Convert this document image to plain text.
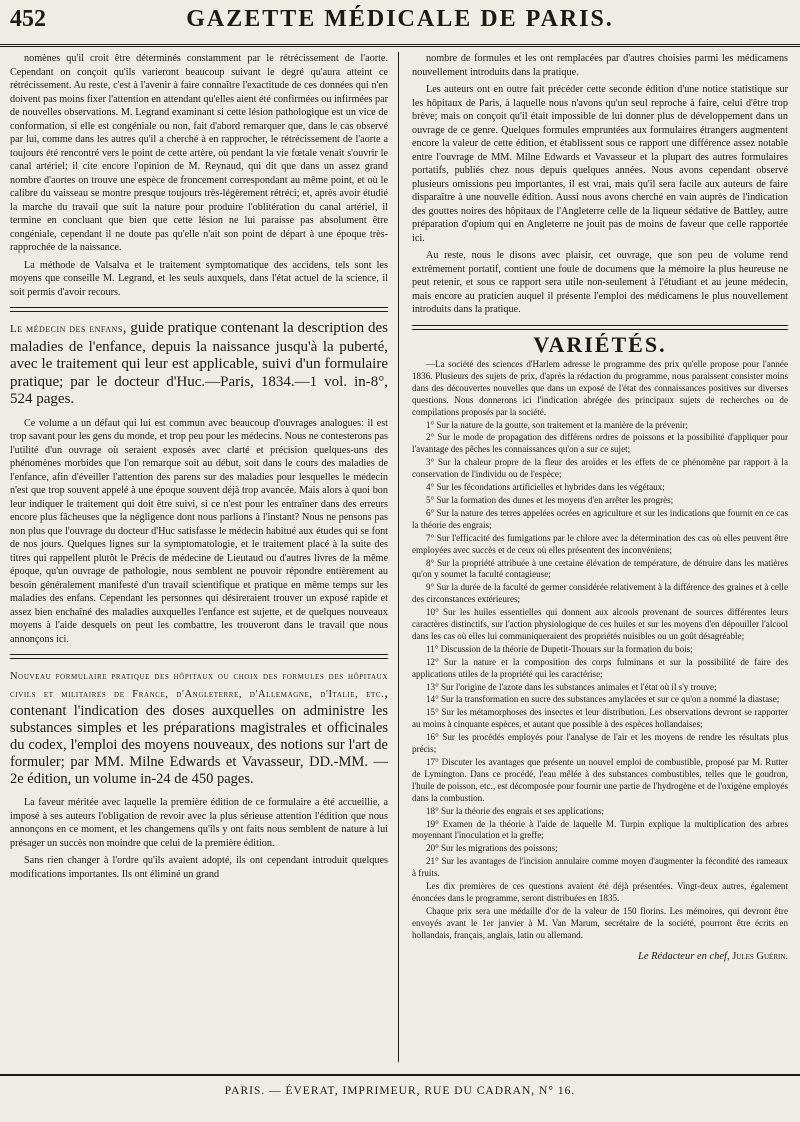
452	GAZETTE MÉDICALE DE PARIS.

nomènes qu'il croit être déterminés constamment par le rétrécissement de l'aorte. Cependant on conçoit qu'ils varieront beaucoup suivant le degré qu'aura atteint ce rétrécissement. Au reste, c'est à l'avenir à faire connaître l'exactitude de ces données qui n'en doivent pas moins fixer l'attention en attendant qu'elles aient été confirmées ou infirmées par de nouvelles observations. M. Legrand examinant si cette lésion pathologique est un vice de conformation, si elle est congéniale ou non, fait d'abord remarquer que, dans le cas observé par lui, comme dans les autres qu'il a cherché à en rapprocher, le rétrécissement de l'aorte a toujours été rencontré vers le point de cette artère, où pendant la vie fœtale venait s'ouvrir le canal artériel; il cite encore l'opinion de M. Reynaud, qui dit que dans un assez grand nombre d'aortes on trouve une espèce de froncement correspondant au même point, et où le calibre du vaisseau se montre presque toujours très-légèrement rétréci; et, après avoir étudié la marche du travail que suit la nature pour produire l'oblitération du canal artériel, il termine en concluant que bien que cette lésion ne lui paraisse pas absolument être congéniale, cependant il ne doute pas qu'elle n'ait son point de départ à une époque très-rapprochée de la naissance.

La méthode de Valsalva et le traitement symptomatique des accidens, tels sont les moyens que conseille M. Legrand, et les seuls auxquels, dans l'état actuel de la science, il soit permis d'avoir recours.

Le médecin des enfans, guide pratique contenant la description des maladies de l'enfance, depuis la naissance jusqu'à la puberté, avec le traitement qui leur est applicable, suivi d'un formulaire pratique; par le docteur d'Huc.—Paris, 1834.—1 vol. in-8°, 524 pages.

Ce volume a un défaut qui lui est commun avec beaucoup d'ouvrages analogues: il est trop savant pour les gens du monde, et trop peu pour les médecins. Nous ne contesterons pas l'utilité d'un ouvrage où seraient exposés avec clarté et précision quelques-uns des phénomènes morbides que l'on remarque soit au début, soit dans le cours des maladies de l'enfance, afin d'éveiller l'attention des parens sur des maladies pour lesquelles le médecin n'est que trop souvent appelé à une époque souvent déjà trop avancée. Mais alors à quoi bon leur indiquer le traitement qui doit être suivi, si ce n'est pour les entraîner dans des erreurs encore plus fâcheuses que la négligence dont nous parlions à l'instant? Nous ne pensons pas non plus que l'ouvrage du docteur d'Huc satisfasse le médecin habitué aux études qui se font de nos jours. Quelques lignes sur la symptomatologie, et le traitement placé à la suite des titres qui rappellent plutôt le Précis de médecine de Lieutaud ou d'autres livres de la même époque, qu'un ouvrage de pathologie, nous semblent ne pouvoir répondre entièrement au besoin généralement manifesté d'un travail scientifique et pratique en même temps sur les maladies des enfans. Cependant les personnes qui désireraient trouver un exposé rapide et assez bien enchaîné des maladies auxquelles l'enfance est sujette, et de quelques nouveaux moyens à l'aide desquels on peut les combattre, les trouveront dans le travail que nous annonçons ici.

Nouveau formulaire pratique des hôpitaux ou choix des formules des hôpitaux civils et militaires de France, d'Angleterre, d'Allemagne, d'Italie, etc., contenant l'indication des doses auxquelles on administre les substances simples et les préparations magistrales et officinales du codex, l'emploi des moyens nouveaux, des notions sur l'art de formuler; par MM. Milne Edwards et Vavasseur, DD.-MM. — 2e édition, un volume in-24 de 450 pages.

La faveur méritée avec laquelle la première édition de ce formulaire a été accueillie, a imposé à ses auteurs l'obligation de revoir avec la plus sérieuse attention l'édition que nous annonçons en ce moment, et les changemens qu'ils y ont faits nous semblent de nature à lui présager un succès non moindre que celui de la première édition.

Sans rien changer à l'ordre qu'ils avaient adopté, ils ont cependant introduit quelques modifications importantes. Ils ont éliminé un grand

nombre de formules et les ont remplacées par d'autres choisies parmi les médicamens nouvellement introduits dans la pratique.

Les auteurs ont en outre fait précéder cette seconde édition d'une notice statistique sur les hôpitaux de Paris, à laquelle nous n'avons qu'un seul reproche à faire, celui d'être trop brève; mais on conçoit qu'il était impossible de lui donner plus de développement dans un ouvrage de ce genre. Quelques formules empruntées aux formulaires étrangers augmentent encore la valeur de cette édition, et établissent sous ce rapport une différence assez notable entre l'ouvrage de MM. Milne Edwards et Vavasseur et la plupart des autres formulaires portatifs, publiés chez nous depuis quelques années. Nous avons cependant observé plusieurs omissions peu importantes, il est vrai, mais qu'il sera facile aux auteurs de faire disparaître à une nouvelle édition. Aussi nous avons cherché en vain auprès de l'indication des gouttes noires des hôpitaux de l'Angleterre celle de la liqueur sédative de Battley, autre préparation d'opium qui en Angleterre ne jouit pas de moins de faveur que celle rapportée ici.

Au reste, nous le disons avec plaisir, cet ouvrage, que son peu de volume rend extrêmement portatif, contient une foule de documens que la mémoire la plus heureuse ne peut retenir, et sous ce rapport sera utile non-seulement à l'étudiant et au jeune médecin, mais encore au praticien auquel il présente l'emploi des médicamens le plus nouvellement introduits dans la pratique.

VARIÉTÉS.

—La société des sciences d'Harlem adresse le programme des prix qu'elle propose pour l'année 1836. Plusieurs des sujets de prix, d'après la rédaction du programme, nous paraissent consister moins dans des découvertes nouvelles que dans un exposé de l'état des connaissances positives sur diverses questions. Nous donnerons ici l'indication abrégée des principaux sujets de recherches ou de compilations proposés par la société.

1° Sur la nature de la goutte, son traitement et la manière de la prévenir;

2° Sur le mode de propagation des différens ordres de poissons et la possibilité d'appliquer pour l'avantage des pêches les connaissances qu'on a sur ce sujet;

3° Sur la chaleur propre de la fleur des aroïdes et les effets de ce phénomène par rapport à la conservation de l'individu ou de l'espèce;

4° Sur les fécondations artificielles et hybrides dans les végétaux;

5° Sur la formation des dunes et les moyens d'en arrêter les progrès;

6° Sur la nature des terres appelées ocrées en agriculture et sur les indications que fournit en ce cas la théorie des engrais;

7° Sur l'efficacité des fumigations par le chlore avec la détermination des cas où elles peuvent être employées avec succès et de ceux où elles présentent des inconvéniens;

8° Sur la propriété attribuée à une certaine élévation de température, de détruire dans les matières qu'on y soumet la faculté contagieuse;

9° Sur la durée de la faculté de germer considérée relativement à la différence des graines et à celle des circonstances extérieures;

10° Sur les huiles essentielles qui donnent aux alcools provenant de sources différentes leurs caractères distinctifs, sur l'action physiologique de ces huiles et sur les moyens d'en dépouiller l'alcool dans les cas où elles lui communiqueraient des propriétés nuisibles ou un goût désagréable;

11° Discussion de la théorie de Dupetit-Thouars sur la formation du bois;

12° Sur la nature et la composition des corps fulminans et sur la possibilité de faire des applications utiles de la propriété qui les caractérise;

13° Sur l'origine de l'azote dans les substances animales et l'état où il s'y trouve;

14° Sur la transformation en sucre des substances amylacées et sur ce qu'on a nommé la diastase;

15° Sur les métamorphoses des insectes et leur distribution. Les observations devront se rapporter au moins à cinquante espèces, et autant que possible à des espèces hollandaises;

16° Sur les procédés employés pour l'analyse de l'air et les moyens de rendre les résultats plus précis;

17° Discuter les avantages que présente un nouvel emploi de combustible, proposé par M. Rutter de Lymington. Dans ce procédé, l'eau mêlée à des substances combustibles, telles que le goudron, l'huile de poisson, etc., est décomposée pour fournir une partie de l'hydrogène et de l'oxigène employés dans la combustion.

18° Sur la théorie des engrais et ses applications;

19° Examen de la théorie à l'aide de laquelle M. Turpin explique la multiplication des arbres moyennant l'inoculation et la greffe;

20° Sur les migrations des poissons;

21° Sur les avantages de l'incision annulaire comme moyen d'augmenter la fécondité des rameaux à fruits.

Les dix premières de ces questions avaient été déjà présentées. Vingt-deux autres, également énoncées dans le programme, seront distribuées en 1835.

Chaque prix sera une médaille d'or de la valeur de 150 florins. Les mémoires, qui devront être envoyés avant le 1er janvier à M. Van Marum, secrétaire de la société, pourront être écrits en hollandais, français, anglais, latin ou allemand.

Le Rédacteur en chef, Jules Guérin.
PARIS. — ÉVERAT, IMPRIMEUR, RUE DU CADRAN, N° 16.
